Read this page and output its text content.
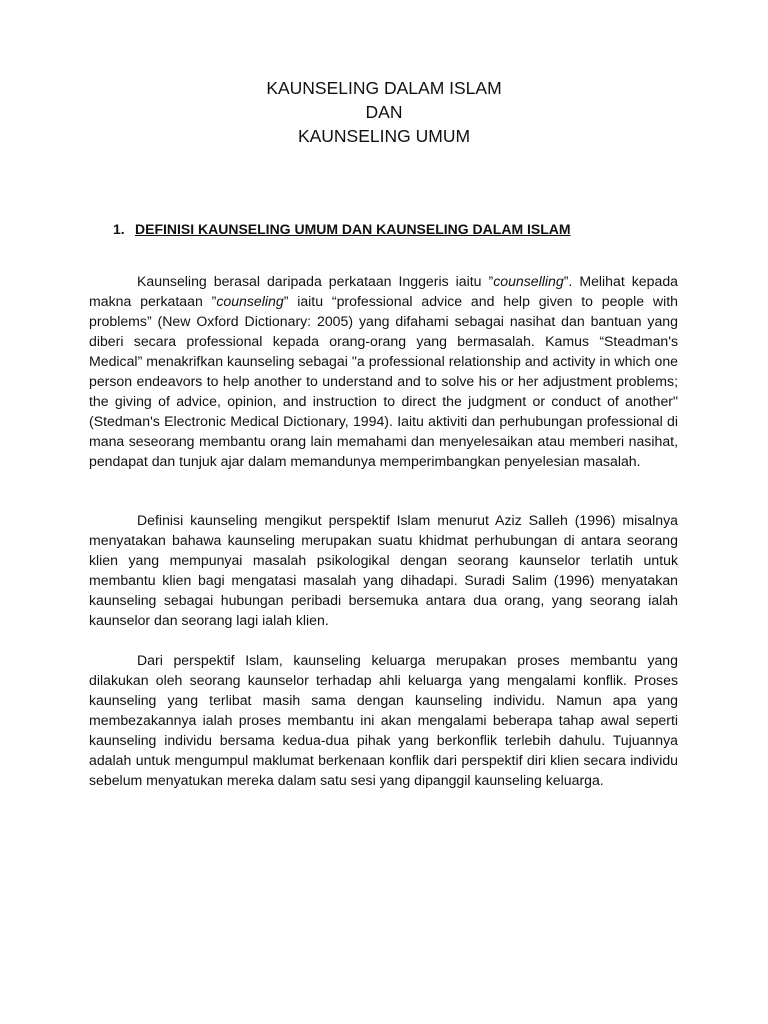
KAUNSELING DALAM ISLAM
DAN
KAUNSELING UMUM
1. DEFINISI KAUNSELING UMUM DAN KAUNSELING DALAM ISLAM

Kaunseling berasal daripada perkataan Inggeris iaitu ”counselling”. Melihat kepada makna perkataan ”counseling” iaitu “professional advice and help given to people with problems” (New Oxford Dictionary: 2005) yang difahami sebagai nasihat dan bantuan yang diberi secara professional kepada orang-orang yang bermasalah. Kamus “Steadman's Medical” menakrifkan kaunseling sebagai "a professional relationship and activity in which one person endeavors to help another to understand and to solve his or her adjustment problems; the giving of advice, opinion, and instruction to direct the judgment or conduct of another" (Stedman's Electronic Medical Dictionary, 1994). Iaitu aktiviti dan perhubungan professional di mana seseorang membantu orang lain memahami dan menyelesaikan atau memberi nasihat, pendapat dan tunjuk ajar dalam memandunya memperimbangkan penyelesian masalah.

Definisi kaunseling mengikut perspektif Islam menurut Aziz Salleh (1996) misalnya menyatakan bahawa kaunseling merupakan suatu khidmat perhubungan di antara seorang klien yang mempunyai masalah psikologikal dengan seorang kaunselor terlatih untuk membantu klien bagi mengatasi masalah yang dihadapi. Suradi Salim (1996) menyatakan kaunseling sebagai hubungan peribadi bersemuka antara dua orang, yang seorang ialah kaunselor dan seorang lagi ialah klien.

Dari perspektif Islam, kaunseling keluarga merupakan proses membantu yang dilakukan oleh seorang kaunselor terhadap ahli keluarga yang mengalami konflik. Proses kaunseling yang terlibat masih sama dengan kaunseling individu. Namun apa yang membezakannya ialah proses membantu ini akan mengalami beberapa tahap awal seperti kaunseling individu bersama kedua-dua pihak yang berkonflik terlebih dahulu. Tujuannya adalah untuk mengumpul maklumat berkenaan konflik dari perspektif diri klien secara individu sebelum menyatukan mereka dalam satu sesi yang dipanggil kaunseling keluarga.
